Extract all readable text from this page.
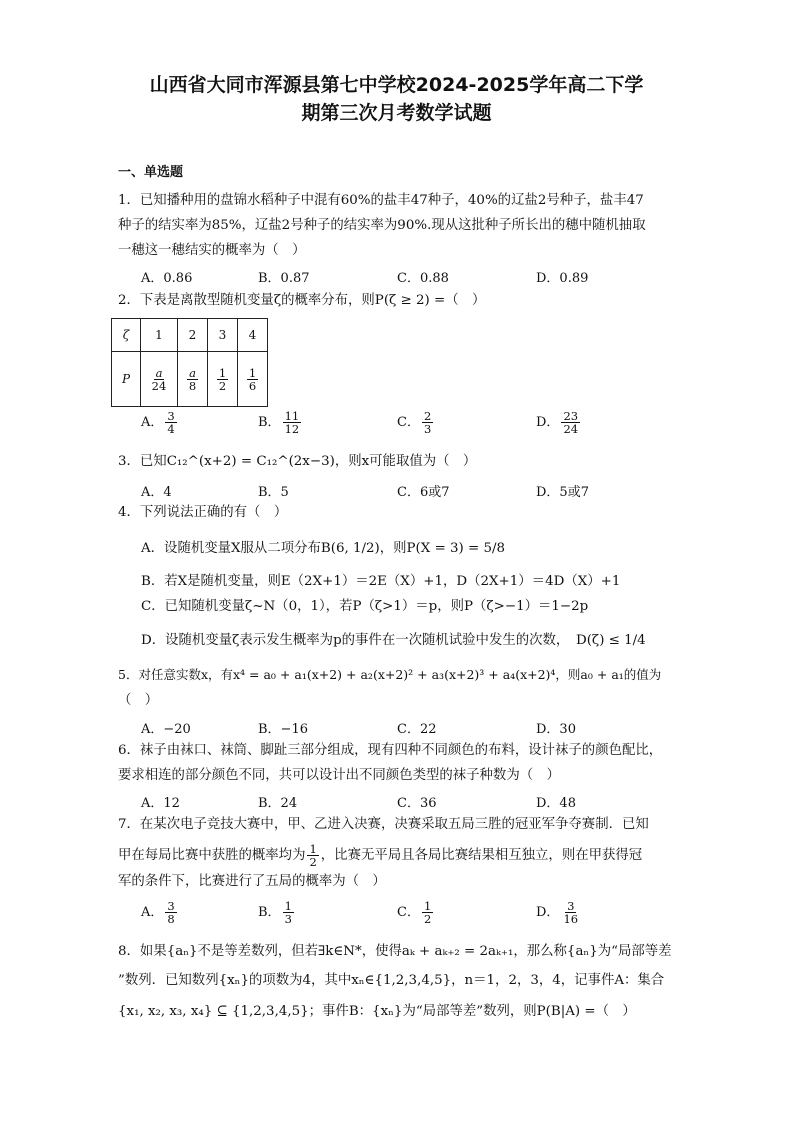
山西省大同市浑源县第七中学校2024-2025学年高二下学
期第三次月考数学试题
一、单选题
1．已知播种用的盘锦水稻种子中混有60%的盐丰47种子，40%的辽盐2号种子，盐丰47
种子的结实率为85%，辽盐2号种子的结实率为90%.现从这批种子所长出的穗中随机抽取
一穗这一穗结实的概率为（　）
A．0.86	B．0.87	C．0.88	D．0.89
2．下表是离散型随机变量ζ的概率分布，则P(ζ ≥ 2) =（　）
ζ	1	2	3	4
P	$\frac{a}{24}$	$\frac{a}{8}$	$\frac{1}{2}$	$\frac{1}{6}$
A． $\frac{3}{4}$	B． $\frac{11}{12}$	C． $\frac{2}{3}$	D． $\frac{23}{24}$
3．已知C₁₂^(x+2) = C₁₂^(2x−3)，则x可能取值为（　）
A．4	B．5	C．6或7	D．5或7
4．下列说法正确的有（　）
A．设随机变量X服从二项分布B(6, 1/2)，则P(X = 3) = 5/8
B．若X是随机变量，则E（2X+1）＝2E（X）+1，D（2X+1）＝4D（X）+1
C．已知随机变量ζ~N（0，1），若P（ζ>1）＝p，则P（ζ>−1）＝1−2p
D．设随机变量ζ表示发生概率为p的事件在一次随机试验中发生的次数，　D(ζ) ≤ 1/4
5．对任意实数x，有x⁴ = a₀ + a₁(x+2) + a₂(x+2)² + a₃(x+2)³ + a₄(x+2)⁴，则a₀ + a₁的值为
（　）
A．−20	B．−16	C．22	D．30
6．袜子由袜口、袜筒、脚趾三部分组成，现有四种不同颜色的布料，设计袜子的颜色配比，
要求相连的部分颜色不同，共可以设计出不同颜色类型的袜子种数为（　）
A．12	B．24	C．36	D．48
7．在某次电子竞技大赛中，甲、乙进入决赛，决赛采取五局三胜的冠亚军争夺赛制．已知
甲在每局比赛中获胜的概率均为 $\frac{1}{2}$ ，比赛无平局且各局比赛结果相互独立，则在甲获得冠
军的条件下，比赛进行了五局的概率为（　）
A． $\frac{3}{8}$	B． $\frac{1}{3}$	C． $\frac{1}{2}$	D． $\frac{3}{16}$
8．如果{aₙ}不是等差数列，但若∃k∈N*，使得aₖ + aₖ₊₂ = 2aₖ₊₁，那么称{aₙ}为“局部等差
”数列．已知数列{xₙ}的项数为4，其中xₙ∈{1,2,3,4,5}，n＝1，2，3，4，记事件A：集合
{x₁, x₂, x₃, x₄} ⊆ {1,2,3,4,5}；事件B：{xₙ}为“局部等差”数列，则P(B|A) =（　）
